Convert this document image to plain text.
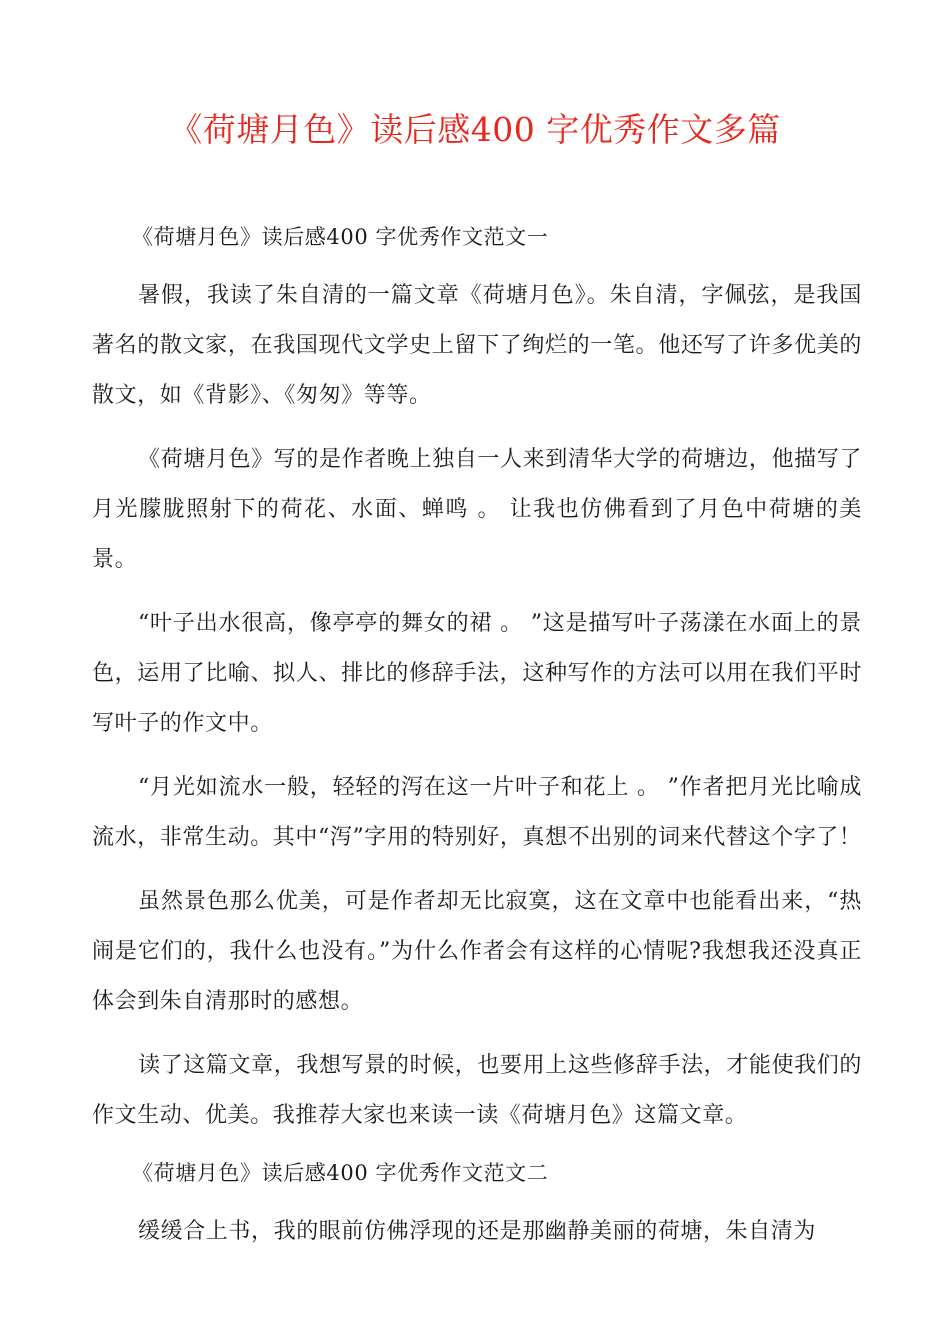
《荷塘月色》读后感400 字优秀作文多篇

《荷塘月色》读后感400 字优秀作文范文一

暑假，我读了朱自清的一篇文章《荷塘月色》。朱自清，字佩弦，是我国著名的散文家，在我国现代文学史上留下了绚烂的一笔。他还写了许多优美的散文，如《背影》、《匆匆》等等。

《荷塘月色》写的是作者晚上独自一人来到清华大学的荷塘边，他描写了月光朦胧照射下的荷花、水面、蝉鸣 。 让我也仿佛看到了月色中荷塘的美景。

“叶子出水很高，像亭亭的舞女的裙 。 ”这是描写叶子荡漾在水面上的景色，运用了比喻、拟人、排比的修辞手法，这种写作的方法可以用在我们平时写叶子的作文中。

“月光如流水一般，轻轻的泻在这一片叶子和花上 。 ”作者把月光比喻成流水，非常生动。其中“泻”字用的特别好，真想不出别的词来代替这个字了！

虽然景色那么优美，可是作者却无比寂寞，这在文章中也能看出来，“热闹是它们的，我什么也没有。”为什么作者会有这样的心情呢?我想我还没真正体会到朱自清那时的感想。

读了这篇文章，我想写景的时候，也要用上这些修辞手法，才能使我们的作文生动、优美。我推荐大家也来读一读《荷塘月色》这篇文章。

《荷塘月色》读后感400 字优秀作文范文二

缓缓合上书，我的眼前仿佛浮现的还是那幽静美丽的荷塘，朱自清为
